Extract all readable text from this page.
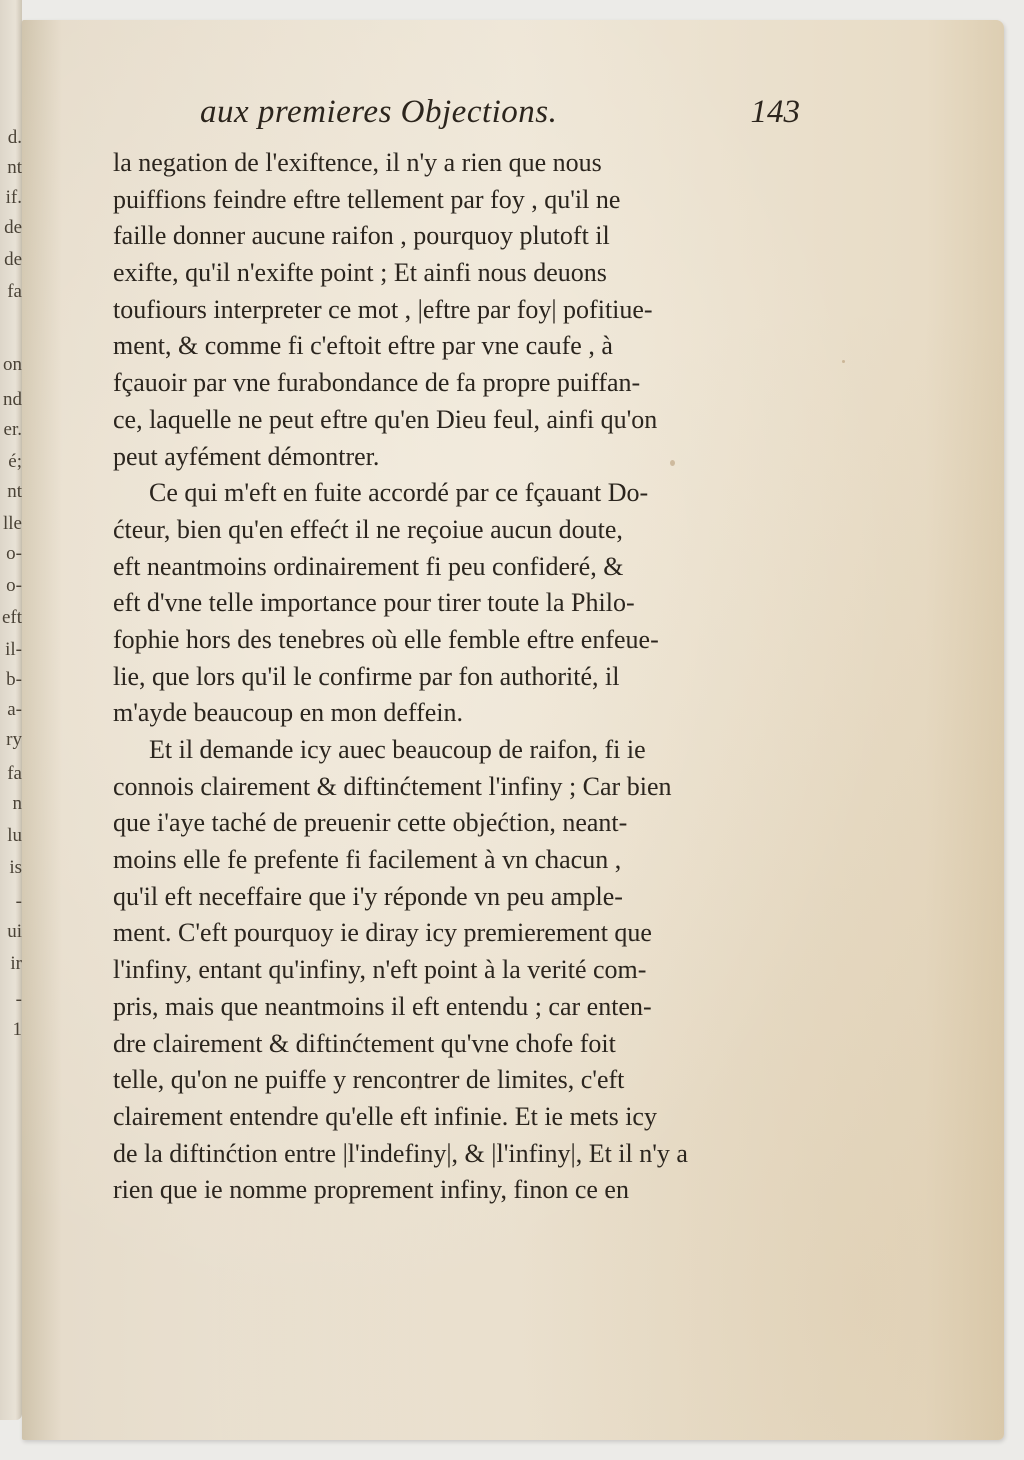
d.
nt
if.
de
de
fa
on
nd
er.
é;
nt
lle
o-
o-
eft
il-
b-
a-
ry
fa
n
lu
is
-
ui
ir
-
1
aux premieres Objections.	143
la negation de l'exiftence, il n'y a rien que nous
puiffions feindre eftre tellement par foy , qu'il ne
faille donner aucune raifon , pourquoy plutoft il
exifte, qu'il n'exifte point ; Et ainfi nous deuons
toufiours interpreter ce mot , |eftre par foy| pofitiue-
ment, & comme fi c'eftoit eftre par vne caufe , à
fçauoir par vne furabondance de fa propre puiffan-
ce, laquelle ne peut eftre qu'en Dieu feul, ainfi qu'on
peut ayfément démontrer.
Ce qui m'eft en fuite accordé par ce fçauant Do-
ćteur, bien qu'en effećt il ne reçoiue aucun doute,
eft neantmoins ordinairement fi peu confideré, &
eft d'vne telle importance pour tirer toute la Philo-
fophie hors des tenebres où elle femble eftre enfeue-
lie, que lors qu'il le confirme par fon authorité, il
m'ayde beaucoup en mon deffein.
Et il demande icy auec beaucoup de raifon, fi ie
connois clairement & diftinćtement l'infiny ; Car bien
que i'aye taché de preuenir cette objećtion, neant-
moins elle fe prefente fi facilement à vn chacun ,
qu'il eft neceffaire que i'y réponde vn peu ample-
ment. C'eft pourquoy ie diray icy premierement que
l'infiny, entant qu'infiny, n'eft point à la verité com-
pris, mais que neantmoins il eft entendu ; car enten-
dre clairement & diftinćtement qu'vne chofe foit
telle, qu'on ne puiffe y rencontrer de limites, c'eft
clairement entendre qu'elle eft infinie. Et ie mets icy
de la diftinćtion entre |l'indefiny|, & |l'infiny|, Et il n'y a
rien que ie nomme proprement infiny, finon ce en
